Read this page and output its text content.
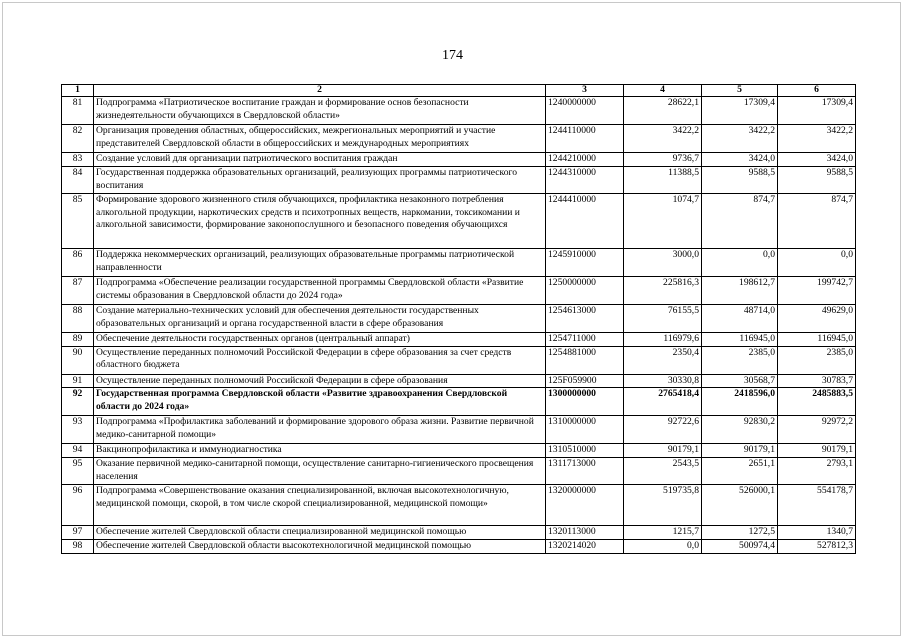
174
1	2	3	4	5	6
81	Подпрограмма «Патриотическое воспитание граждан и формирование основ безопасности жизнедеятельности обучающихся в Свердловской области»	1240000000	28622,1	17309,4	17309,4
82	Организация проведения областных, общероссийских, межрегиональных мероприятий и участие представителей Свердловской области в общероссийских и международных мероприятиях	1244110000	3422,2	3422,2	3422,2
83	Создание условий для организации патриотического воспитания граждан	1244210000	9736,7	3424,0	3424,0
84	Государственная поддержка образовательных организаций, реализующих программы патриотического воспитания	1244310000	11388,5	9588,5	9588,5
85	Формирование здорового жизненного стиля обучающихся, профилактика незаконного потребления алкогольной продукции, наркотических средств и психотропных веществ, наркомании, токсикомании и алкогольной зависимости, формирование законопослушного и безопасного поведения обучающихся	1244410000	1074,7	874,7	874,7
86	Поддержка некоммерческих организаций, реализующих образовательные программы патриотической направленности	1245910000	3000,0	0,0	0,0
87	Подпрограмма «Обеспечение реализации государственной программы Свердловской области «Развитие системы образования в Свердловской области до 2024 года»	1250000000	225816,3	198612,7	199742,7
88	Создание материально-технических условий для обеспечения деятельности государственных образовательных организаций и органа государственной власти в сфере образования	1254613000	76155,5	48714,0	49629,0
89	Обеспечение деятельности государственных органов (центральный аппарат)	1254711000	116979,6	116945,0	116945,0
90	Осуществление переданных полномочий Российской Федерации в сфере образования за счет средств областного бюджета	1254881000	2350,4	2385,0	2385,0
91	Осуществление переданных полномочий Российской Федерации в сфере образования	125F059900	30330,8	30568,7	30783,7
92	Государственная программа Свердловской области «Развитие здравоохранения Свердловской области до 2024 года»	1300000000	2765418,4	2418596,0	2485883,5
93	Подпрограмма «Профилактика заболеваний и формирование здорового образа жизни. Развитие первичной медико-санитарной помощи»	1310000000	92722,6	92830,2	92972,2
94	Вакцинопрофилактика и иммунодиагностика	1310510000	90179,1	90179,1	90179,1
95	Оказание первичной медико-санитарной помощи, осуществление санитарно-гигиенического просвещения населения	1311713000	2543,5	2651,1	2793,1
96	Подпрограмма «Совершенствование оказания специализированной, включая высокотехнологичную, медицинской помощи, скорой, в том числе скорой специализированной, медицинской помощи»	1320000000	519735,8	526000,1	554178,7
97	Обеспечение жителей Свердловской области специализированной медицинской помощью	1320113000	1215,7	1272,5	1340,7
98	Обеспечение жителей Свердловской области высокотехнологичной медицинской помощью	1320214020	0,0	500974,4	527812,3
